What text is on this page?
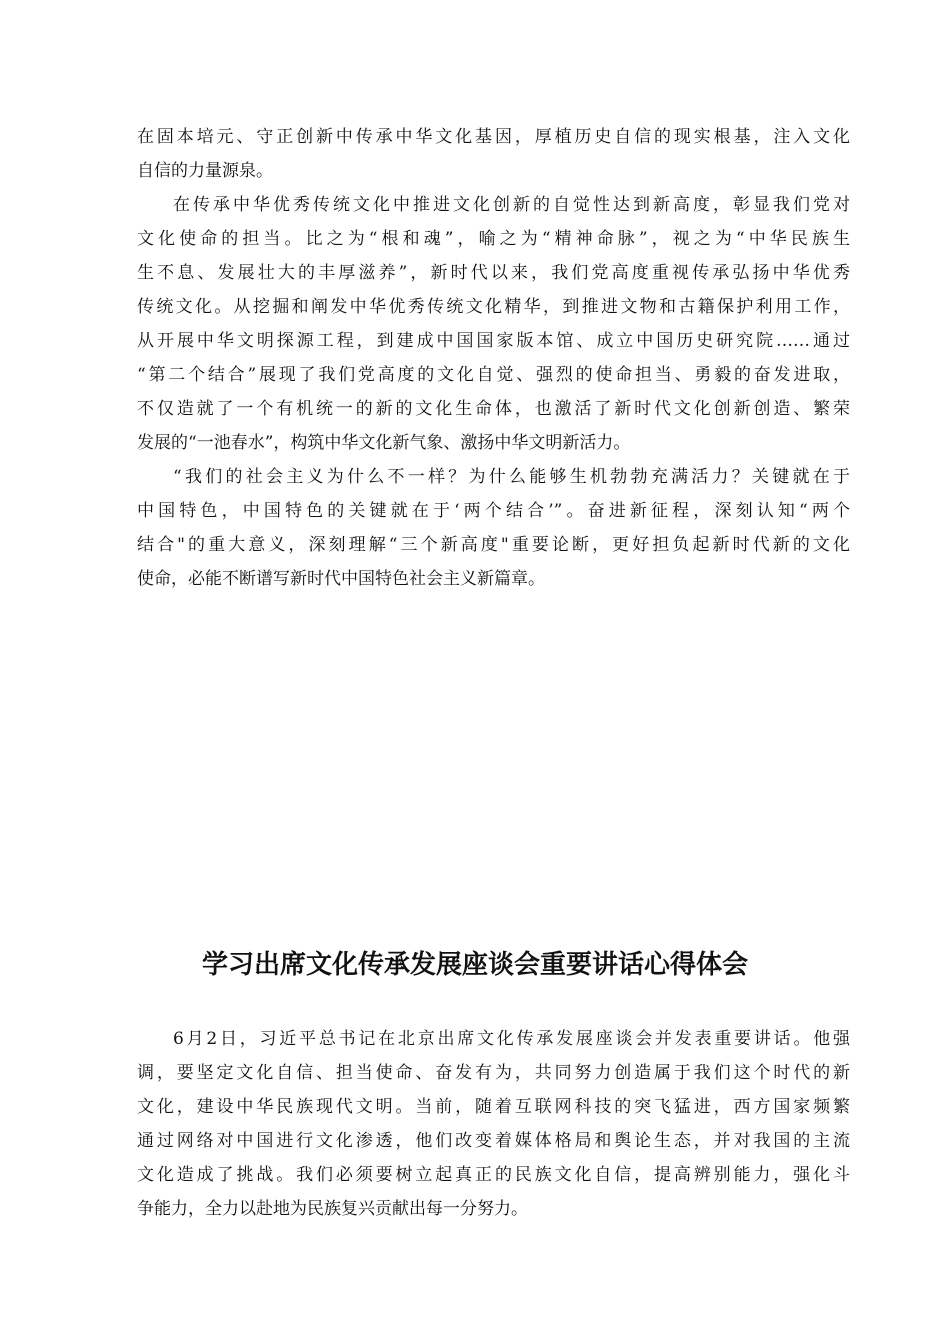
在固本培元、守正创新中传承中华文化基因，厚植历史自信的现实根基，注入文化
自信的力量源泉。
在传承中华优秀传统文化中推进文化创新的自觉性达到新高度，彰显我们党对
文化使命的担当。比之为“根和魂”，喻之为“精神命脉”，视之为“中华民族生
生不息、发展壮大的丰厚滋养”，新时代以来，我们党高度重视传承弘扬中华优秀
传统文化。从挖掘和阐发中华优秀传统文化精华，到推进文物和古籍保护利用工作，
从开展中华文明探源工程，到建成中国国家版本馆、成立中国历史研究院……通过
“第二个结合”展现了我们党高度的文化自觉、强烈的使命担当、勇毅的奋发进取，
不仅造就了一个有机统一的新的文化生命体，也激活了新时代文化创新创造、繁荣
发展的“一池春水”，构筑中华文化新气象、激扬中华文明新活力。
“我们的社会主义为什么不一样？为什么能够生机勃勃充满活力？关键就在于
中国特色，中国特色的关键就在于‘两个结合’”。奋进新征程，深刻认知“两个
结合"的重大意义，深刻理解“三个新高度"重要论断，更好担负起新时代新的文化
使命，必能不断谱写新时代中国特色社会主义新篇章。
学习出席文化传承发展座谈会重要讲话心得体会
6月2日，习近平总书记在北京出席文化传承发展座谈会并发表重要讲话。他强
调，要坚定文化自信、担当使命、奋发有为，共同努力创造属于我们这个时代的新
文化，建设中华民族现代文明。当前，随着互联网科技的突飞猛进，西方国家频繁
通过网络对中国进行文化渗透，他们改变着媒体格局和舆论生态，并对我国的主流
文化造成了挑战。我们必须要树立起真正的民族文化自信，提高辨别能力，强化斗
争能力，全力以赴地为民族复兴贡献出每一分努力。
